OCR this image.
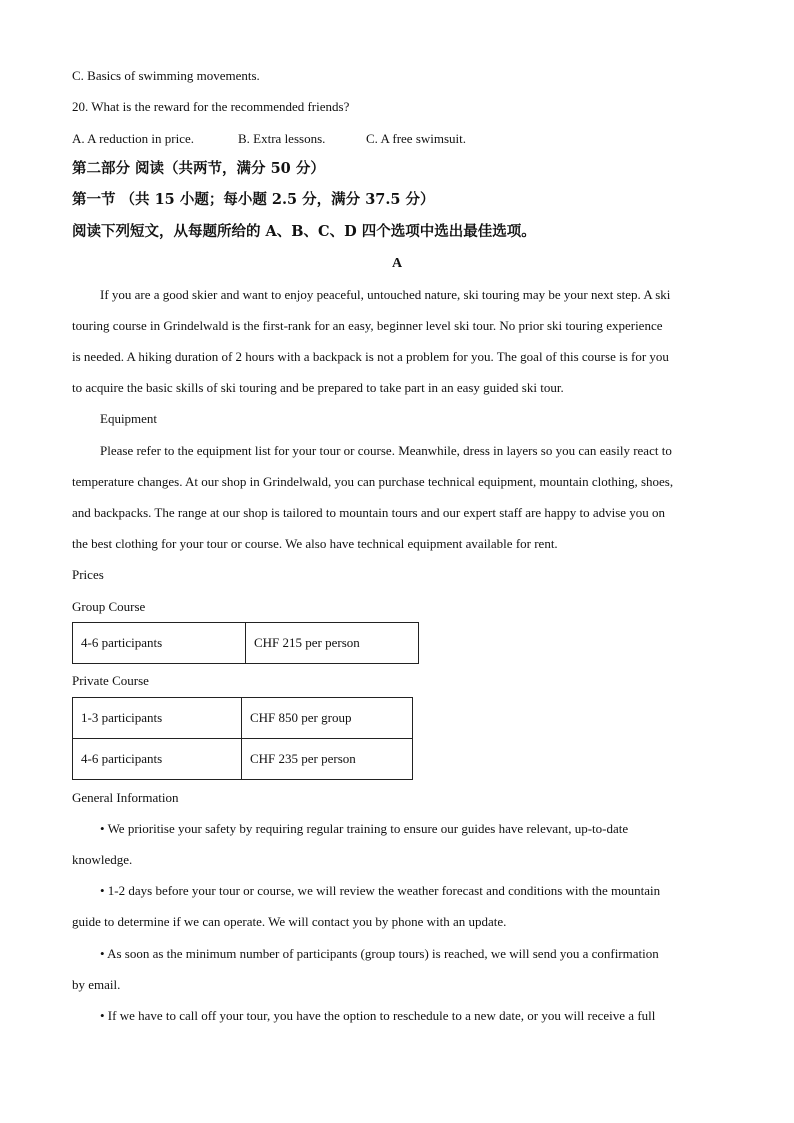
C. Basics of swimming movements.
20. What is the reward for the recommended friends?
A. A reduction in price.	B. Extra lessons.	C. A free swimsuit.
第二部分 阅读（共两节，满分 50 分）
第一节 （共 15 小题；每小题 2.5 分，满分 37.5 分）
阅读下列短文，从每题所给的 A、B、C、D 四个选项中选出最佳选项。
A
If you are a good skier and want to enjoy peaceful, untouched nature, ski touring may be your next step. A ski
touring course in Grindelwald is the first-rank for an easy, beginner level ski tour. No prior ski touring experience
is needed. A hiking duration of 2 hours with a backpack is not a problem for you. The goal of this course is for you
to acquire the basic skills of ski touring and be prepared to take part in an easy guided ski tour.
Equipment
Please refer to the equipment list for your tour or course. Meanwhile, dress in layers so you can easily react to
temperature changes. At our shop in Grindelwald, you can purchase technical equipment, mountain clothing, shoes,
and backpacks. The range at our shop is tailored to mountain tours and our expert staff are happy to advise you on
the best clothing for your tour or course. We also have technical equipment available for rent.
Prices
Group Course
4-6 participants	CHF 215 per person
Private Course
1-3 participants	CHF 850 per group
4-6 participants	CHF 235 per person
General Information
• We prioritise your safety by requiring regular training to ensure our guides have relevant, up-to-date
knowledge.
• 1-2 days before your tour or course, we will review the weather forecast and conditions with the mountain
guide to determine if we can operate. We will contact you by phone with an update.
• As soon as the minimum number of participants (group tours) is reached, we will send you a confirmation
by email.
• If we have to call off your tour, you have the option to reschedule to a new date, or you will receive a full
